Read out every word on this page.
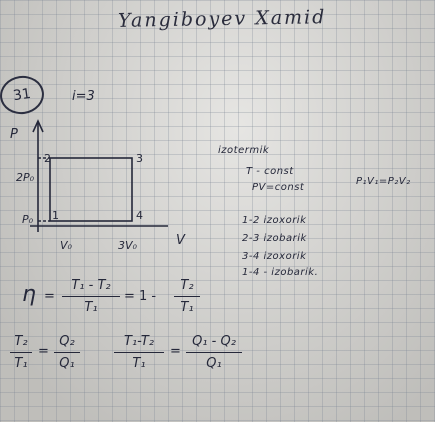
Yangiboyev Xamid
31	i=3
P
2P₀
P₀
2	3
1	4
V₀	3V₀	V
izotermik
T - const
PV=const
P₁V₁=P₂V₂
1-2 izoxorik
2-3 izobarik
3-4 izoxorik
1-4 - izobarik.
η =
T₁ - T₂
T₁
= 1 -
T₂
T₁
T₂
T₁
=
Q₂
Q₁
T₁-T₂
T₁
=
Q₁ - Q₂
Q₁
